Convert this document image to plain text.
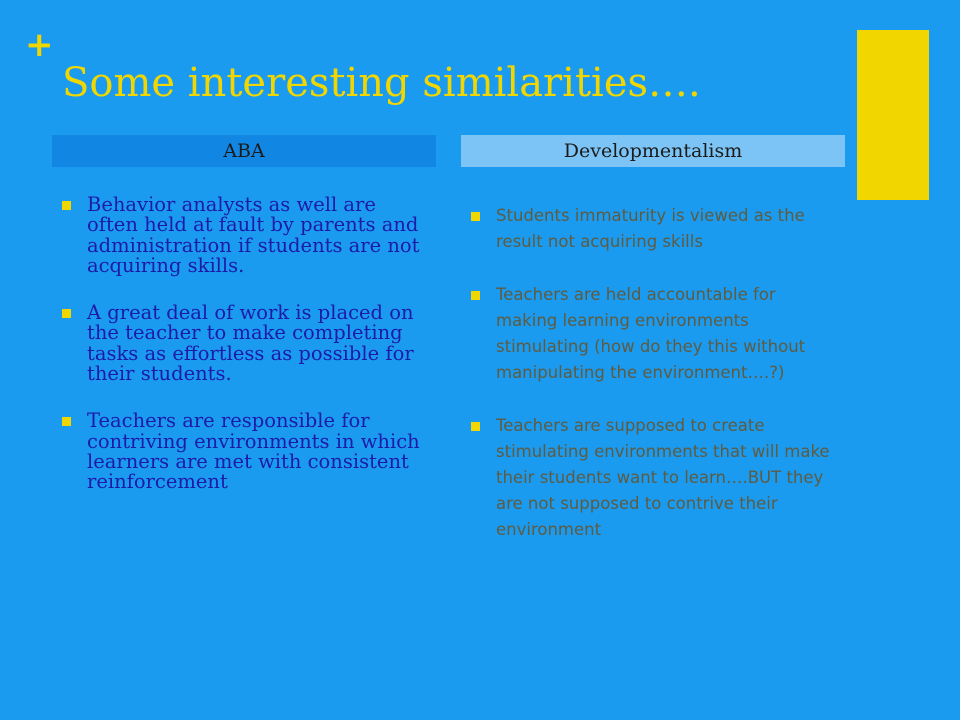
+
Some interesting similarities….
ABA	Developmentalism
Behavior analysts as well are often held at fault by parents and administration if students are not acquiring skills.
A great deal of work is placed on the teacher to make completing tasks as effortless as possible for their students.
Teachers are responsible for contriving environments in which learners are met with consistent reinforcement
Students immaturity is viewed as the result not acquiring skills
Teachers are held accountable for making learning environments stimulating (how do they this without manipulating the environment….?)
Teachers are supposed to create stimulating environments that will make their students want to learn….BUT they are not supposed to contrive their environment
